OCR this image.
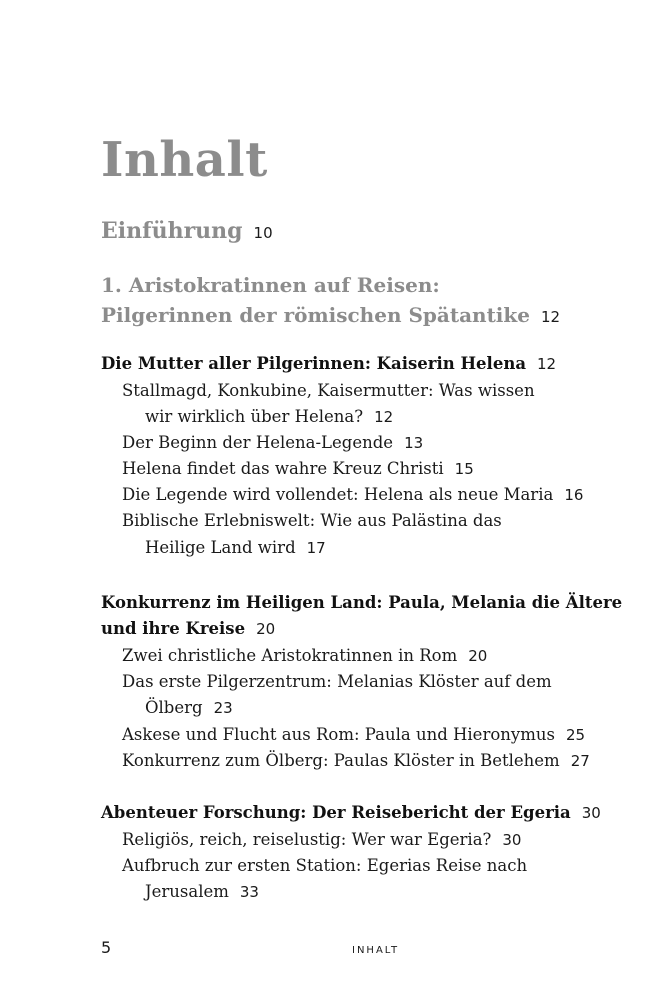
Inhalt
Einführung 10
1. Aristokratinnen auf Reisen:
Pilgerinnen der römischen Spätantike 12
Die Mutter aller Pilgerinnen: Kaiserin Helena 12
Stallmagd, Konkubine, Kaisermutter: Was wissen
wir wirklich über Helena? 12
Der Beginn der Helena-Legende 13
Helena findet das wahre Kreuz Christi 15
Die Legende wird vollendet: Helena als neue Maria 16
Biblische Erlebniswelt: Wie aus Palästina das
Heilige Land wird 17
Konkurrenz im Heiligen Land: Paula, Melania die Ältere
und ihre Kreise 20
Zwei christliche Aristokratinnen in Rom 20
Das erste Pilgerzentrum: Melanias Klöster auf dem
Ölberg 23
Askese und Flucht aus Rom: Paula und Hieronymus 25
Konkurrenz zum Ölberg: Paulas Klöster in Betlehem 27
Abenteuer Forschung: Der Reisebericht der Egeria 30
Religiös, reich, reiselustig: Wer war Egeria? 30
Aufbruch zur ersten Station: Egerias Reise nach
Jerusalem 33
5	INHALT
